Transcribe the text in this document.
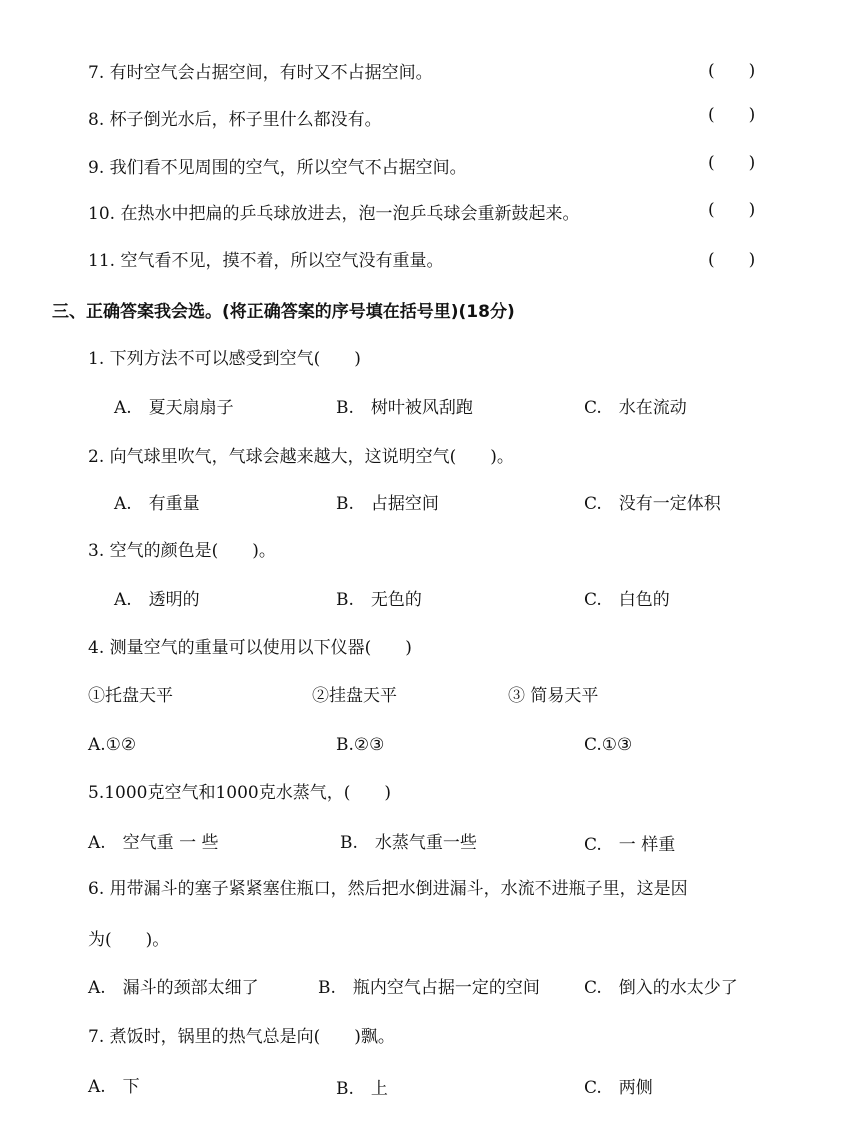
7. 有时空气会占据空间，有时又不占据空间。	(　　)
8. 杯子倒光水后，杯子里什么都没有。	(　　)
9. 我们看不见周围的空气，所以空气不占据空间。	(　　)
10. 在热水中把扁的乒乓球放进去，泡一泡乒乓球会重新鼓起来。	(　　)
11. 空气看不见，摸不着，所以空气没有重量。	(　　)
三、正确答案我会选。(将正确答案的序号填在括号里)(18分)
1. 下列方法不可以感受到空气(　　)
A.　夏天扇扇子	B.　树叶被风刮跑	C.　水在流动
2. 向气球里吹气，气球会越来越大，这说明空气(　　)。
A.　有重量	B.　占据空间	C.　没有一定体积
3. 空气的颜色是(　　)。
A.　透明的	B.　无色的	C.　白色的
4. 测量空气的重量可以使用以下仪器(　　)
①托盘天平	②挂盘天平	③ 简易天平
A.①②	B.②③	C.①③
5.1000克空气和1000克水蒸气，(　　)
A.　空气重 一 些	B.　水蒸气重一些	C.　一 样重
6. 用带漏斗的塞子紧紧塞住瓶口，然后把水倒进漏斗，水流不进瓶子里，这是因
为(　　)。
A.　漏斗的颈部太细了	B.　瓶内空气占据一定的空间	C.　倒入的水太少了
7. 煮饭时，锅里的热气总是向(　　)飘。
A.　下	B.　上	C.　两侧
